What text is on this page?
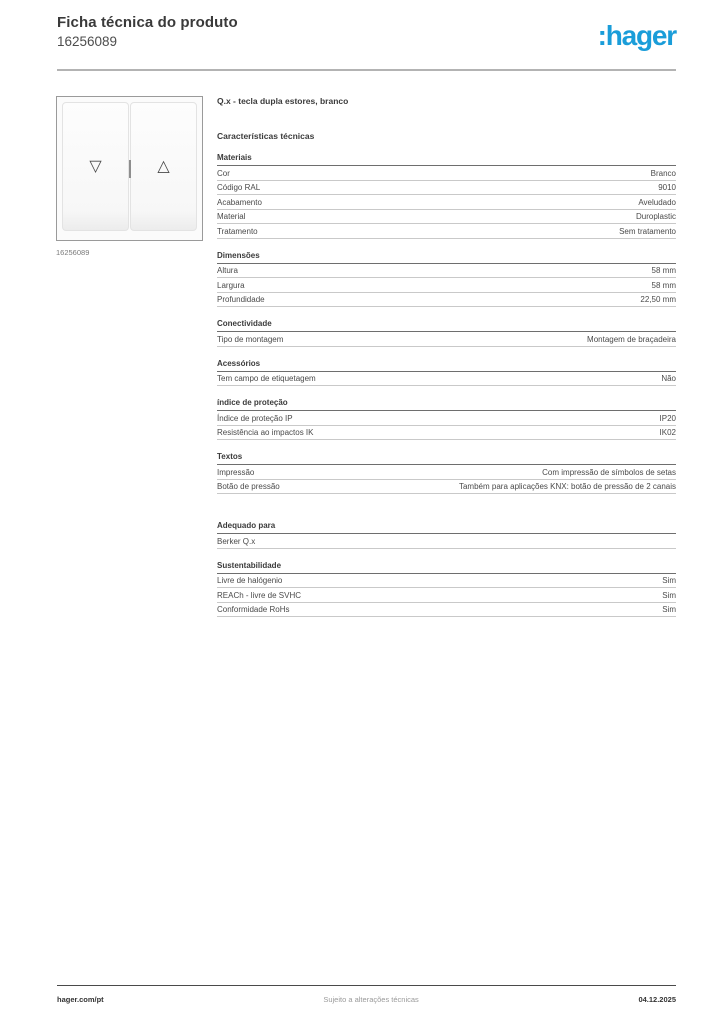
Ficha técnica do produto
16256089	:hager
▽	△
16256089
Q.x - tecla dupla estores, branco
Características técnicas
Materiais
Cor	Branco
Código RAL	9010
Acabamento	Aveludado
Material	Duroplastic
Tratamento	Sem tratamento
Dimensões
Altura	58 mm
Largura	58 mm
Profundidade	22,50 mm
Conectividade
Tipo de montagem	Montagem de braçadeira
Acessórios
Tem campo de etiquetagem	Não
índice de proteção
Índice de proteção IP	IP20
Resistência ao impactos IK	IK02
Textos
Impressão	Com impressão de símbolos de setas
Botão de pressão	Também para aplicações KNX: botão de pressão de 2 canais
Adequado para
Berker Q.x
Sustentabilidade
Livre de halógenio	Sim
REACh - livre de SVHC	Sim
Conformidade RoHs	Sim
hager.com/pt	Sujeito a alterações técnicas	04.12.2025
